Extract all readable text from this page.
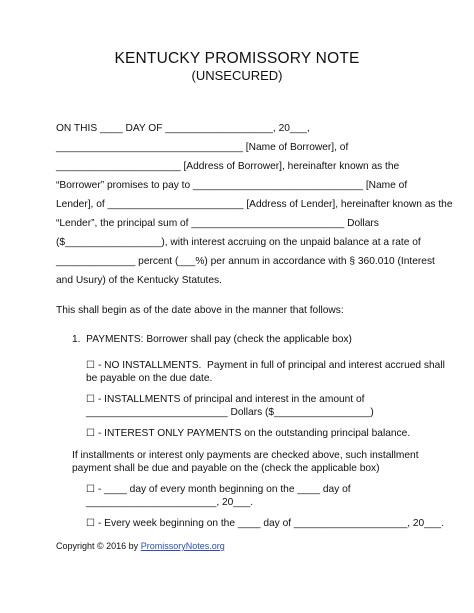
KENTUCKY PROMISSORY NOTE
(UNSECURED)
ON THIS ____ DAY OF ___________________, 20___,
_________________________________ [Name of Borrower], of
______________________ [Address of Borrower], hereinafter known as the
“Borrower” promises to pay to ______________________________ [Name of
Lender], of ________________________ [Address of Lender], hereinafter known as the
“Lender”, the principal sum of ___________________________ Dollars
($_________________), with interest accruing on the unpaid balance at a rate of
______________ percent (___%) per annum in accordance with § 360.010 (Interest
and Usury) of the Kentucky Statutes.
This shall begin as of the date above in the manner that follows:
1.  PAYMENTS: Borrower shall pay (check the applicable box)
☐ - NO INSTALLMENTS.  Payment in full of principal and interest accrued shall
be payable on the due date.
☐ - INSTALLMENTS of principal and interest in the amount of
_________________________ Dollars ($_________________)
☐ - INTEREST ONLY PAYMENTS on the outstanding principal balance.
If installments or interest only payments are checked above, such installment
payment shall be due and payable on the (check the applicable box)
☐ - ____ day of every month beginning on the ____ day of
_______________________, 20___.
☐ - Every week beginning on the ____ day of ____________________, 20___.
Copyright © 2016 by PromissoryNotes.org
